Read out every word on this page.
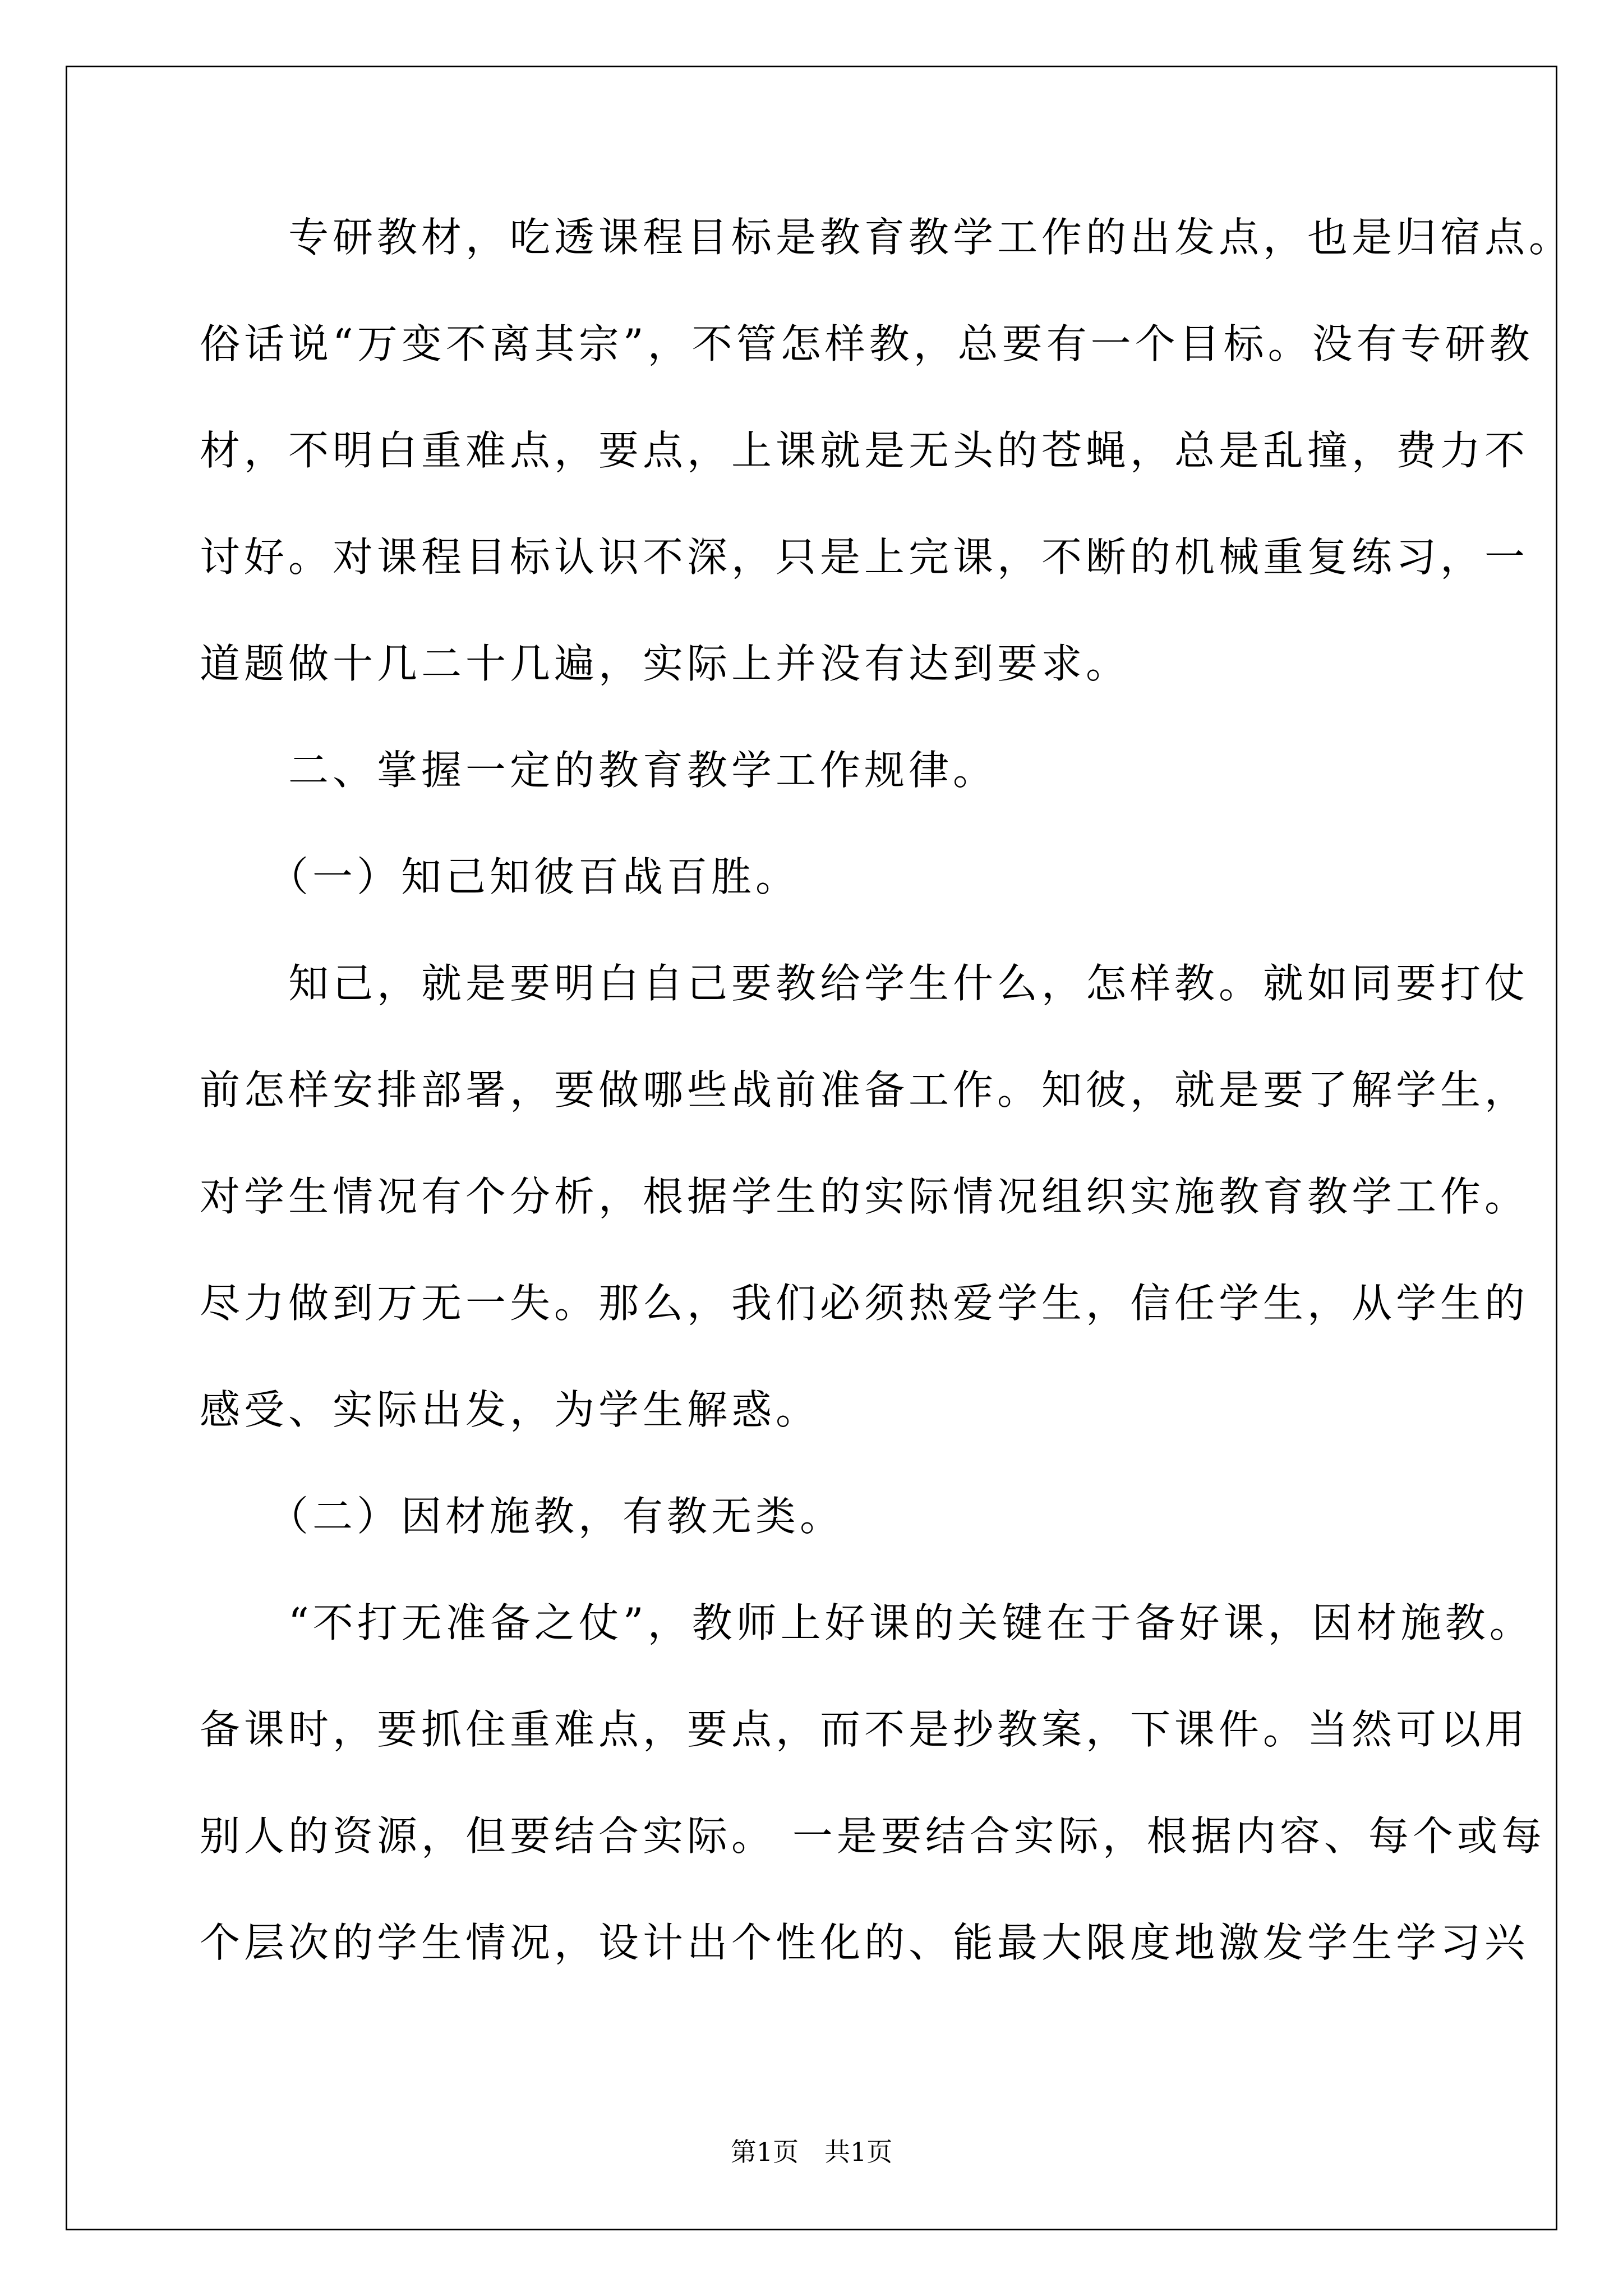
　　专研教材，吃透课程目标是教育教学工作的出发点，也是归宿点。
俗话说“万变不离其宗”，不管怎样教，总要有一个目标。没有专研教
材，不明白重难点，要点，上课就是无头的苍蝇，总是乱撞，费力不
讨好。对课程目标认识不深，只是上完课，不断的机械重复练习，一
道题做十几二十几遍，实际上并没有达到要求。
　　二、掌握一定的教育教学工作规律。
　　（一）知己知彼百战百胜。
　　知己，就是要明白自己要教给学生什么，怎样教。就如同要打仗
前怎样安排部署，要做哪些战前准备工作。知彼，就是要了解学生，
对学生情况有个分析，根据学生的实际情况组织实施教育教学工作。
尽力做到万无一失。那么，我们必须热爱学生，信任学生，从学生的
感受、实际出发，为学生解惑。
　　（二）因材施教，有教无类。
　　“不打无准备之仗”，教师上好课的关键在于备好课，因材施教。
备课时，要抓住重难点，要点，而不是抄教案，下课件。当然可以用
别人的资源，但要结合实际。 一是要结合实际，根据内容、每个或每
个层次的学生情况，设计出个性化的、能最大限度地激发学生学习兴
第1页　共1页
